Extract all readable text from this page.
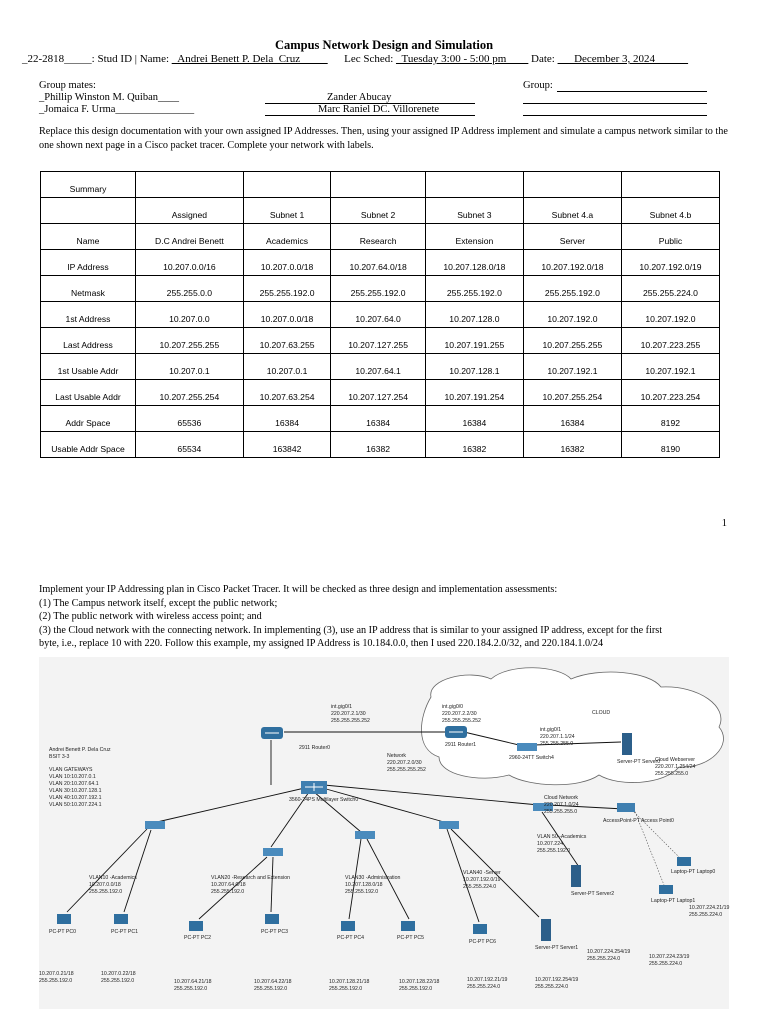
Campus Network Design and Simulation
_22-2818_____: Stud ID | Name: _Andrei Benett P. Dela_Cruz_____ Lec Sched: _Tuesday 3:00 - 5:00 pm____ Date: ___December 3, 2024______
Group mates:	Group:
_Phillip Winston M. Quiban____
_Jomaica F. Urma_______________
Zander Abucay
Marc Raniel DC. Villorenete
Replace this design documentation with your own assigned IP Addresses. Then, using your assigned IP Address implement and simulate a campus network similar to the one shown next page in a Cisco packet tracer. Complete your network with labels.
Summary						
	Assigned	Subnet 1	Subnet 2	Subnet 3	Subnet 4.a	Subnet 4.b
Name	D.C Andrei Benett	Academics	Research	Extension	Server	Public
IP Address	10.207.0.0/16	10.207.0.0/18	10.207.64.0/18	10.207.128.0/18	10.207.192.0/18	10.207.192.0/19
Netmask	255.255.0.0	255.255.192.0	255.255.192.0	255.255.192.0	255.255.192.0	255.255.224.0
1st Address	10.207.0.0	10.207.0.0/18	10.207.64.0	10.207.128.0	10.207.192.0	10.207.192.0
Last Address	10.207.255.255	10.207.63.255	10.207.127.255	10.207.191.255	10.207.255.255	10.207.223.255
1st Usable Addr	10.207.0.1	10.207.0.1	10.207.64.1	10.207.128.1	10.207.192.1	10.207.192.1
Last Usable Addr	10.207.255.254	10.207.63.254	10.207.127.254	10.207.191.254	10.207.255.254	10.207.223.254
Addr Space	65536	16384	16384	16384	16384	8192
Usable Addr Space	65534	163842	16382	16382	16382	8190
1
Implement your IP Addressing plan in Cisco Packet Tracer. It will be checked as three design and implementation assessments:
(1) The Campus network itself, except the public network;
(2) The public network with wireless access point; and
(3) the Cloud network with the connecting network. In implementing (3), use an IP address that is similar to your assigned IP address, except for the first
byte, i.e., replace 10 with 220. Follow this example, my assigned IP Address is 10.184.0.0, then I used 220.184.2.0/32, and 220.184.1.0/24
Andrei Benett P. Dela Cruz
BSIT 3-3
VLAN GATEWAYS
VLAN 10:10.207.0.1
VLAN 20:10.207.64.1
VLAN 30:10.207.128.1
VLAN 40:10.207.192.1
VLAN 50:10.207.224.1
CLOUD
int.gig0/1
220.207.2.1/30
255.255.255.252
2911 Router0
int.gig0/0
220.207.2.2/30
255.255.255.252
2911 Router1
Network
220.207.2.0/30
255.255.255.252
int.gig0/1
220.207.1.1/24
255.255.255.0
2960-24TT Switch4
Server-PT Server0
Cloud Webserver
220.207.1.254/24
255.255.255.0
Cloud Network
220.207.1.0/24
255.255.255.0
3560-24PS Multilayer Switch0
VLAN10 -Academics
10.207.0.0/18
255.255.192.0
VLAN20 -Research and Extension
10.207.64.0/18
255.255.192.0
VLAN30 -Administration
10.207.128.0/18
255.255.192.0
VLAN40 -Server
10.207.192.0/19
255.255.224.0
VLAN 50 -Academics
10.207.224.
255.255.192.0
AccessPoint-PT Access Point0
PC-PT PC0
10.207.0.21/18
255.255.192.0
PC-PT PC1
10.207.0.22/18
255.255.192.0
PC-PT PC2
10.207.64.21/18
255.255.192.0
PC-PT PC3
10.207.64.22/18
255.255.192.0
PC-PT PC4
10.207.128.21/18
255.255.192.0
PC-PT PC5
10.207.128.22/18
255.255.192.0
PC-PT PC6
10.207.192.21/19
255.255.224.0
Server-PT Server1
10.207.192.254/19
255.255.224.0
Server-PT Server2
10.207.224.254/19
255.255.224.0
Laptop-PT Laptop1
10.207.224.23/19
255.255.224.0
Laptop-PT Laptop0
10.207.224.21/19
255.255.224.0
